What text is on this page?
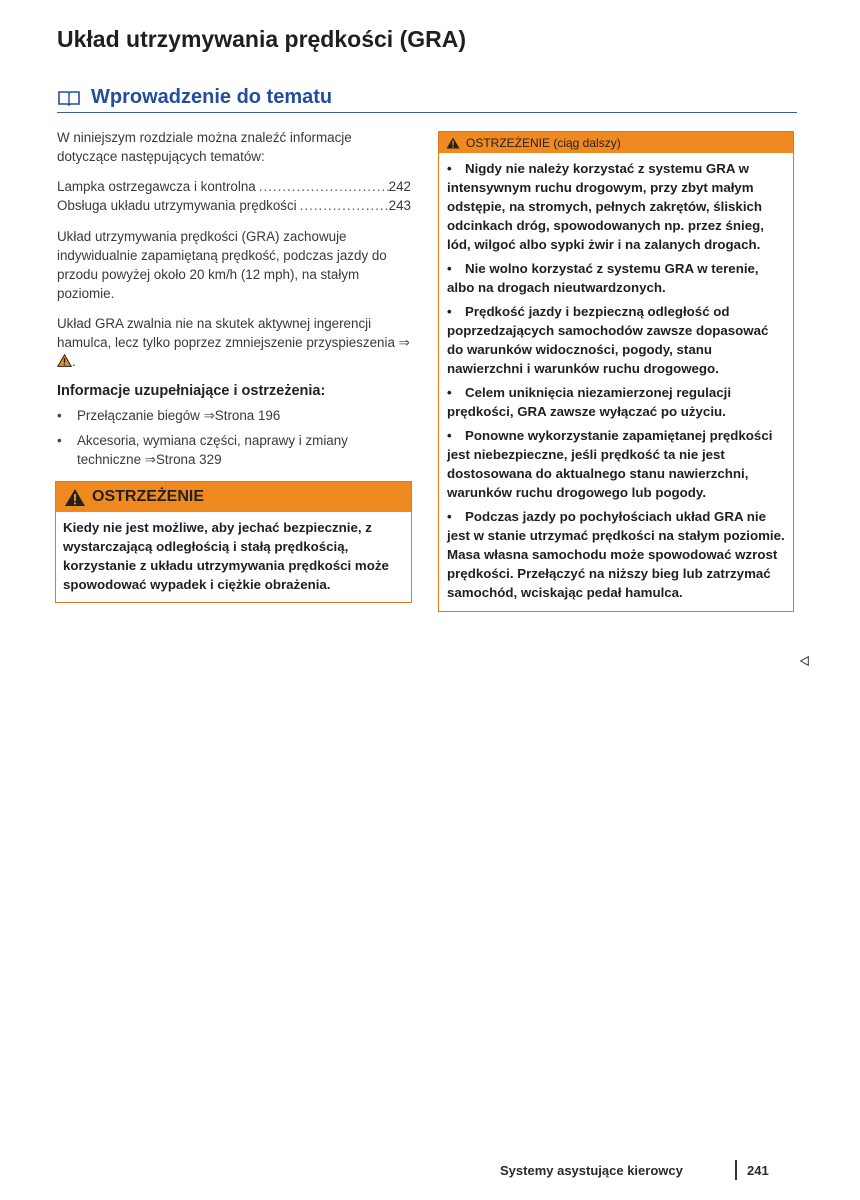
Układ utrzymywania prędkości (GRA)
Wprowadzenie do tematu

W niniejszym rozdziale można znaleźć informacje dotyczące następujących tematów:

Lampka ostrzegawcza i kontrolna .....	242
Obsługa układu utrzymywania prędkości .....	243

Układ utrzymywania prędkości (GRA) zachowuje indywidualnie zapamiętaną prędkość, podczas jazdy do przodu powyżej około 20 km/h (12 mph), na stałym poziomie.

Układ GRA zwalnia nie na skutek aktywnej ingerencji hamulca, lecz tylko poprzez zmniejszenie przyspieszenia ⇒.

Informacje uzupełniające i ostrzeżenia:
•	Przełączanie biegów ⇒Strona 196
•	Akcesoria, wymiana części, naprawy i zmiany techniczne ⇒Strona 329
OSTRZEŻENIE
Kiedy nie jest możliwe, aby jechać bezpiecznie, z wystarczającą odległością i stałą prędkością, korzystanie z układu utrzymywania prędkości może spowodować wypadek i ciężkie obrażenia.
OSTRZEŻENIE (ciąg dalszy)

• Nigdy nie należy korzystać z systemu GRA w intensywnym ruchu drogowym, przy zbyt małym odstępie, na stromych, pełnych zakrętów, śliskich odcinkach dróg, spowodowanych np. przez śnieg, lód, wilgoć albo sypki żwir i na zalanych drogach.

• Nie wolno korzystać z systemu GRA w terenie, albo na drogach nieutwardzonych.

• Prędkość jazdy i bezpieczną odległość od poprzedzających samochodów zawsze dopasować do warunków widoczności, pogody, stanu nawierzchni i warunków ruchu drogowego.

• Celem uniknięcia niezamierzonej regulacji prędkości, GRA zawsze wyłączać po użyciu.

• Ponowne wykorzystanie zapamiętanej prędkości jest niebezpieczne, jeśli prędkość ta nie jest dostosowana do aktualnego stanu nawierzchni, warunków ruchu drogowego lub pogody.

• Podczas jazdy po pochyłościach układ GRA nie jest w stanie utrzymać prędkości na stałym poziomie. Masa własna samochodu może spowodować wzrost prędkości. Przełączyć na niższy bieg lub zatrzymać samochód, wciskając pedał hamulca.

Systemy asystujące kierowcy	241
